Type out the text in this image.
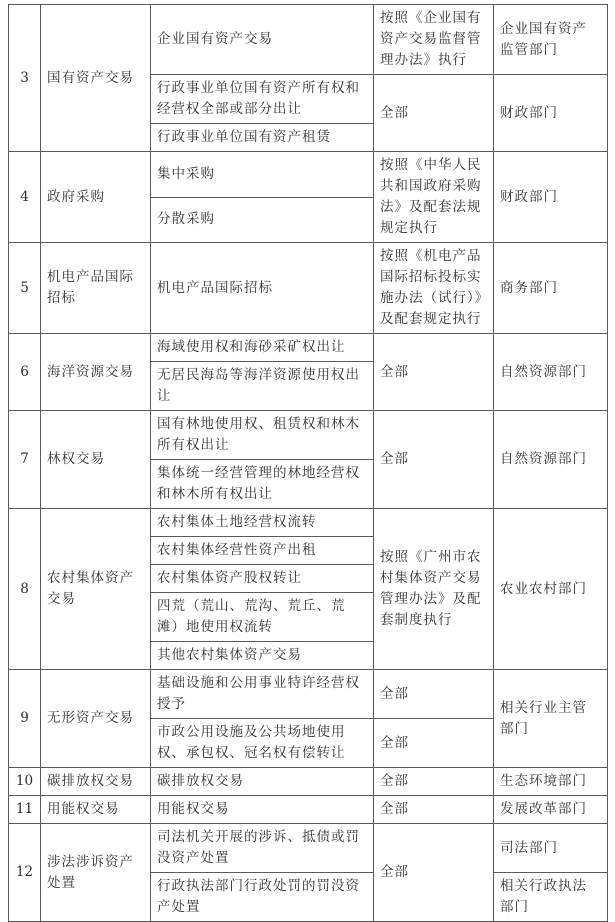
3	国有资产交易	企业国有资产交易	按照《企业国有资产交易监督管理办法》执行	企业国有资产监管部门
		行政事业单位国有资产所有权和经营权全部或部分出让	全部	财政部门
		行政事业单位国有资产租赁		
4	政府采购	集中采购	按照《中华人民共和国政府采购法》及配套法规规定执行	财政部门
		分散采购		
5	机电产品国际招标	机电产品国际招标	按照《机电产品国际招标投标实施办法（试行）》及配套规定执行	商务部门
6	海洋资源交易	海域使用权和海砂采矿权出让	全部	自然资源部门
		无居民海岛等海洋资源使用权出让		
7	林权交易	国有林地使用权、租赁权和林木所有权出让	全部	自然资源部门
		集体统一经营管理的林地经营权和林木所有权出让		
8	农村集体资产交易	农村集体土地经营权流转	按照《广州市农村集体资产交易管理办法》及配套制度执行	农业农村部门
		农村集体经营性资产出租		
		农村集体资产股权转让		
		四荒（荒山、荒沟、荒丘、荒滩）地使用权流转		
		其他农村集体资产交易		
9	无形资产交易	基础设施和公用事业特许经营权授予	全部	相关行业主管部门
		市政公用设施及公共场地使用权、承包权、冠名权有偿转让	全部	
10	碳排放权交易	碳排放权交易	全部	生态环境部门
11	用能权交易	用能权交易	全部	发展改革部门
12	涉法涉诉资产处置	司法机关开展的涉诉、抵债或罚没资产处置	全部	司法部门
		行政执法部门行政处罚的罚没资产处置		相关行政执法部门
